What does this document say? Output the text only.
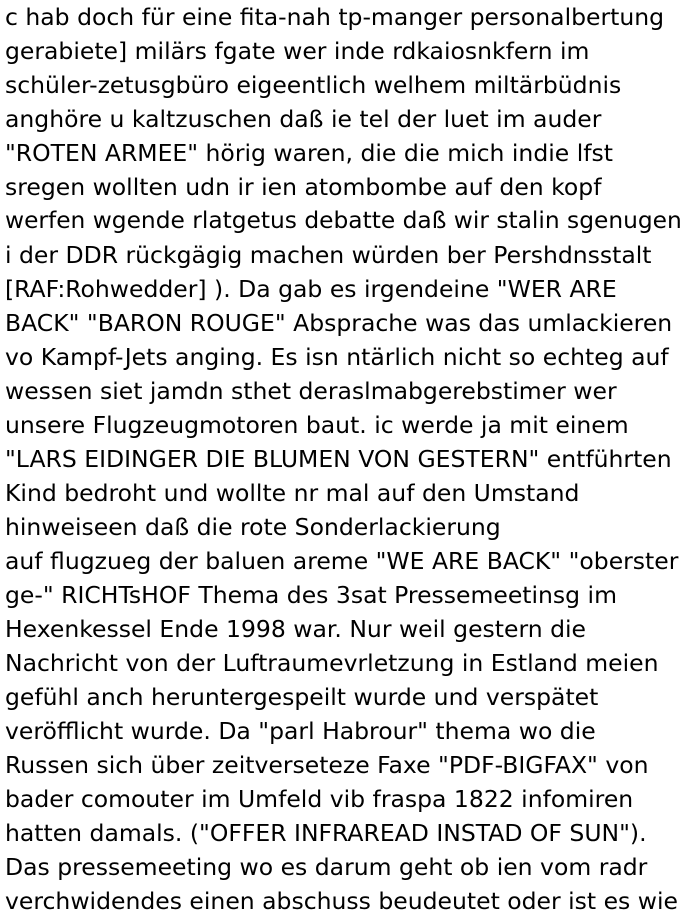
c hab doch für eine fita-nah tp-manger personalbertung
gerabiete] milärs fgate wer inde rdkaiosnkfern im
schüler-zetusgbüro eigeentlich welhem miltärbüdnis
anghöre u kaltzuschen daß ie tel der luet im auder
"ROTEN ARMEE" hörig waren, die die mich indie lfst
sregen wollten udn ir ien atombombe auf den kopf
werfen wgende rlatgetus debatte daß wir stalin sgenugen
i der DDR rückgägig machen würden ber Pershdnsstalt
[RAF:Rohwedder] ). Da gab es irgendeine "WER ARE
BACK" "BARON ROUGE" Absprache was das umlackieren
vo Kampf-Jets anging. Es isn ntärlich nicht so echteg auf
wessen siet jamdn sthet deraslmabgerebstimer wer
unsere Flugzeugmotoren baut. ic werde ja mit einem
"LARS EIDINGER DIE BLUMEN VON GESTERN" entführten
Kind bedroht und wollte nr mal auf den Umstand
hinweiseen daß die rote Sonderlackierung
auf flugzueg der baluen areme "WE ARE BACK" "oberster
ge-" RICHTsHOF Thema des 3sat Pressemeetinsg im
Hexenkessel Ende 1998 war. Nur weil gestern die
Nachricht von der Luftraumevrletzung in Estland meien
gefühl anch heruntergespeilt wurde und verspätet
veröfflicht wurde. Da "parl Habrour" thema wo die
Russen sich über zeitverseteze Faxe "PDF-BIGFAX" von
bader comouter im Umfeld vib fraspa 1822 infomiren
hatten damals. ("OFFER INFRAREAD INSTAD OF SUN").
Das pressemeeting wo es darum geht ob ien vom radr
verchwidendes einen abschuss beudeutet oder ist es wie
